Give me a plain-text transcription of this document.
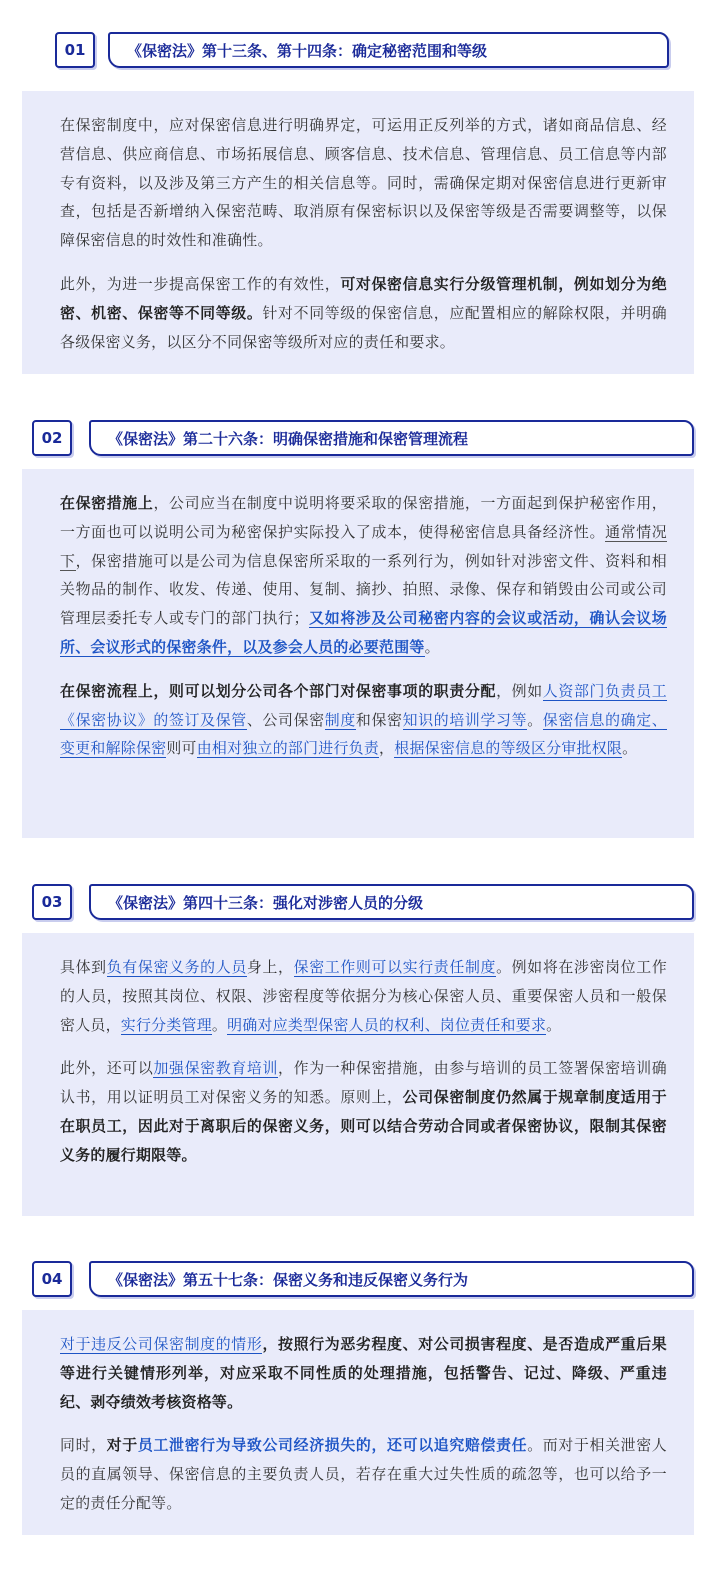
01	《保密法》第十三条、第十四条：确定秘密范围和等级

在保密制度中，应对保密信息进行明确界定，可运用正反列举的方式，诸如商品信息、经营信息、供应商信息、市场拓展信息、顾客信息、技术信息、管理信息、员工信息等内部专有资料，以及涉及第三方产生的相关信息等。同时，需确保定期对保密信息进行更新审查，包括是否新增纳入保密范畴、取消原有保密标识以及保密等级是否需要调整等，以保障保密信息的时效性和准确性。

此外，为进一步提高保密工作的有效性，可对保密信息实行分级管理机制，例如划分为绝密、机密、保密等不同等级。针对不同等级的保密信息，应配置相应的解除权限，并明确各级保密义务，以区分不同保密等级所对应的责任和要求。

02	《保密法》第二十六条：明确保密措施和保密管理流程

在保密措施上，公司应当在制度中说明将要采取的保密措施，一方面起到保护秘密作用，一方面也可以说明公司为秘密保护实际投入了成本，使得秘密信息具备经济性。通常情况下，保密措施可以是公司为信息保密所采取的一系列行为，例如针对涉密文件、资料和相关物品的制作、收发、传递、使用、复制、摘抄、拍照、录像、保存和销毁由公司或公司管理层委托专人或专门的部门执行；又如将涉及公司秘密内容的会议或活动，确认会议场所、会议形式的保密条件，以及参会人员的必要范围等。

在保密流程上，则可以划分公司各个部门对保密事项的职责分配，例如人资部门负责员工《保密协议》的签订及保管、公司保密制度和保密知识的培训学习等。保密信息的确定、变更和解除保密则可由相对独立的部门进行负责，根据保密信息的等级区分审批权限。

03	《保密法》第四十三条：强化对涉密人员的分级

具体到负有保密义务的人员身上，保密工作则可以实行责任制度。例如将在涉密岗位工作的人员，按照其岗位、权限、涉密程度等依据分为核心保密人员、重要保密人员和一般保密人员，实行分类管理。明确对应类型保密人员的权利、岗位责任和要求。

此外，还可以加强保密教育培训，作为一种保密措施，由参与培训的员工签署保密培训确认书，用以证明员工对保密义务的知悉。原则上，公司保密制度仍然属于规章制度适用于在职员工，因此对于离职后的保密义务，则可以结合劳动合同或者保密协议，限制其保密义务的履行期限等。

04	《保密法》第五十七条：保密义务和违反保密义务行为

对于违反公司保密制度的情形，按照行为恶劣程度、对公司损害程度、是否造成严重后果等进行关键情形列举，对应采取不同性质的处理措施，包括警告、记过、降级、严重违纪、剥夺绩效考核资格等。

同时，对于员工泄密行为导致公司经济损失的，还可以追究赔偿责任。而对于相关泄密人员的直属领导、保密信息的主要负责人员，若存在重大过失性质的疏忽等，也可以给予一定的责任分配等。
